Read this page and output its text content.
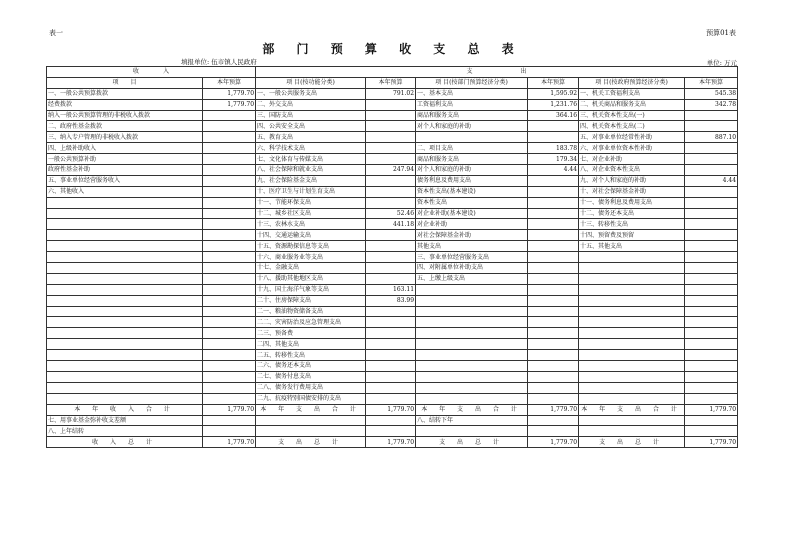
表一	预算01表
部 门 预 算 收 支 总 表
填报单位: 伍市镇人民政府	单位: 万元
收　　　　入		支　　　　　　　　出					
项　　目	本年预算	项 目(按功能分类)	本年预算	项 目(按部门预算经济分类)	本年预算	项 目(按政府预算经济分类)	本年预算
一、一般公共预算拨款	1,779.70	一、一般公共服务支出	791.02	一、基本支出	1,595.92	一、机关工资福利支出	545.38
经费拨款	1,779.70	二、外交支出		工资福利支出	1,231.76	二、机关商品和服务支出	342.78
纳入一般公共预算管理的非税收入拨款		三、国防支出		商品和服务支出	364.16	三、机关资本性支出(一)	
二、政府性基金拨款		四、公共安全支出		对个人和家庭的补助		四、机关资本性支出(二)	
三、纳入专户管理的非税收入拨款		五、教育支出				五、对事业单位经常性补助	887.10
四、上级补助收入		六、科学技术支出		二、项目支出	183.78	六、对事业单位资本性补助	
一般公共预算补助		七、文化体育与传媒支出		商品和服务支出	179.34	七、对企业补助	
政府性基金补助		八、社会保障和就业支出	247.94	对个人和家庭的补助	4.44	八、对企业资本性支出	
五、事业单位经营服务收入		九、社会保险基金支出		债务利息及费用支出		九、对个人和家庭的补助	4.44
六、其他收入		十、医疗卫生与计划生育支出		资本性支出(基本建设)		十、对社会保障基金补助	
		十一、节能环保支出		资本性支出		十一、债务利息及费用支出	
		十二、城乡社区支出	52.46	对企业补助(基本建设)		十二、债务还本支出	
		十三、农林水支出	441.18	对企业补助		十三、转移性支出	
		十四、交通运输支出		对社会保障基金补助		十四、预留费及预留	
		十五、资源勘探信息等支出		其他支出		十五、其他支出	
		十六、商业服务业等支出		三、事业单位经营服务支出			
		十七、金融支出		四、对附属单位补助支出			
		十八、援助其他地区支出		五、上缴上级支出			
		十九、国土海洋气象等支出	163.11				
		二十、住房保障支出	83.99				
		二一、粮油物资储备支出					
		二二、灾害防治及应急管理支出					
		二三、预备费					
		二四、其他支出					
		二五、转移性支出					
		二六、债务还本支出					
		二七、债务付息支出					
		二八、债务发行费用支出					
		二九、抗疫特别国债安排的支出					
本 年 收 入 合 计	1,779.70	本 年 支 出 合 计	1,779.70	本 年 支 出 合 计	1,779.70	本 年 支 出 合 计	1,779.70
七、用事业基金弥补收支差额				八、结转下年			
八、上年结转							
收 入 总 计	1,779.70	支 出 总 计	1,779.70	支 出 总 计	1,779.70	支 出 总 计	1,779.70
